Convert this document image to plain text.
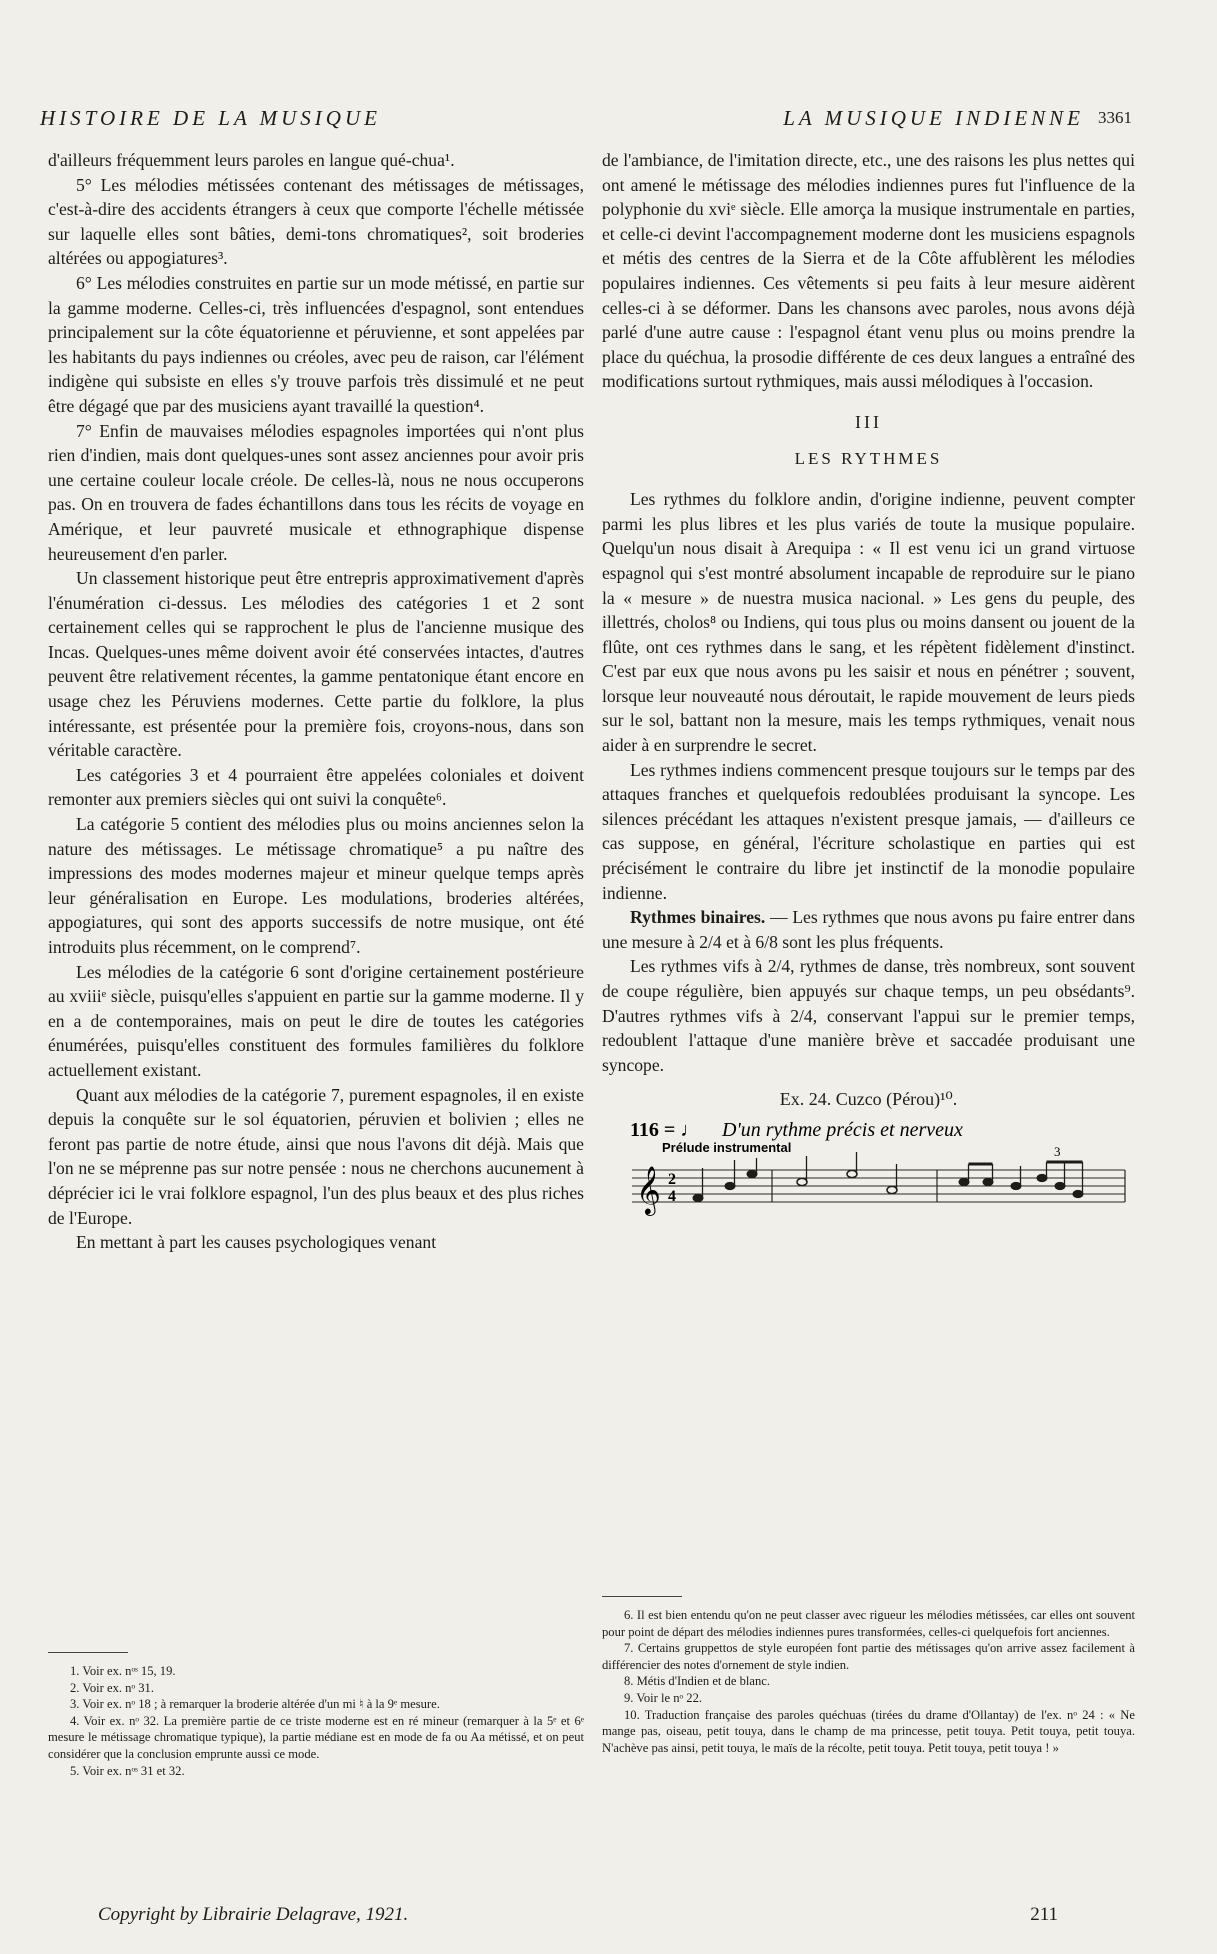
HISTOIRE DE LA MUSIQUE	LA MUSIQUE INDIENNE 3361

d'ailleurs fréquemment leurs paroles en langue qué-chua¹.

5° Les mélodies métissées contenant des métissages de métissages, c'est-à-dire des accidents étrangers à ceux que comporte l'échelle métissée sur laquelle elles sont bâties, demi-tons chromatiques², soit broderies altérées ou appogiatures³.

6° Les mélodies construites en partie sur un mode métissé, en partie sur la gamme moderne. Celles-ci, très influencées d'espagnol, sont entendues principalement sur la côte équatorienne et péruvienne, et sont appelées par les habitants du pays indiennes ou créoles, avec peu de raison, car l'élément indigène qui subsiste en elles s'y trouve parfois très dissimulé et ne peut être dégagé que par des musiciens ayant travaillé la question⁴.

7° Enfin de mauvaises mélodies espagnoles importées qui n'ont plus rien d'indien, mais dont quelques-unes sont assez anciennes pour avoir pris une certaine couleur locale créole. De celles-là, nous ne nous occuperons pas. On en trouvera de fades échantillons dans tous les récits de voyage en Amérique, et leur pauvreté musicale et ethnographique dispense heureusement d'en parler.

Un classement historique peut être entrepris approximativement d'après l'énumération ci-dessus. Les mélodies des catégories 1 et 2 sont certainement celles qui se rapprochent le plus de l'ancienne musique des Incas. Quelques-unes même doivent avoir été conservées intactes, d'autres peuvent être relativement récentes, la gamme pentatonique étant encore en usage chez les Péruviens modernes. Cette partie du folklore, la plus intéressante, est présentée pour la première fois, croyons-nous, dans son véritable caractère.

Les catégories 3 et 4 pourraient être appelées coloniales et doivent remonter aux premiers siècles qui ont suivi la conquête⁶.

La catégorie 5 contient des mélodies plus ou moins anciennes selon la nature des métissages. Le métissage chromatique⁵ a pu naître des impressions des modes modernes majeur et mineur quelque temps après leur généralisation en Europe. Les modulations, broderies altérées, appogiatures, qui sont des apports successifs de notre musique, ont été introduits plus récemment, on le comprend⁷.

Les mélodies de la catégorie 6 sont d'origine certainement postérieure au xviiiᵉ siècle, puisqu'elles s'appuient en partie sur la gamme moderne. Il y en a de contemporaines, mais on peut le dire de toutes les catégories énumérées, puisqu'elles constituent des formules familières du folklore actuellement existant.

Quant aux mélodies de la catégorie 7, purement espagnoles, il en existe depuis la conquête sur le sol équatorien, péruvien et bolivien ; elles ne feront pas partie de notre étude, ainsi que nous l'avons dit déjà. Mais que l'on ne se méprenne pas sur notre pensée : nous ne cherchons aucunement à déprécier ici le vrai folklore espagnol, l'un des plus beaux et des plus riches de l'Europe.

En mettant à part les causes psychologiques venant

1. Voir ex. nᵒˢ 15, 19.

2. Voir ex. nᵒ 31.

3. Voir ex. nᵒ 18 ; à remarquer la broderie altérée d'un mi ♮ à la 9ᵉ mesure.

4. Voir ex. nᵒ 32. La première partie de ce triste moderne est en ré mineur (remarquer à la 5ᵉ et 6ᵉ mesure le métissage chromatique typique), la partie médiane est en mode de fa ou Aa métissé, et on peut considérer que la conclusion emprunte aussi ce mode.

5. Voir ex. nᵒˢ 31 et 32.

de l'ambiance, de l'imitation directe, etc., une des raisons les plus nettes qui ont amené le métissage des mélodies indiennes pures fut l'influence de la polyphonie du xviᵉ siècle. Elle amorça la musique instrumentale en parties, et celle-ci devint l'accompagnement moderne dont les musiciens espagnols et métis des centres de la Sierra et de la Côte affublèrent les mélodies populaires indiennes. Ces vêtements si peu faits à leur mesure aidèrent celles-ci à se déformer. Dans les chansons avec paroles, nous avons déjà parlé d'une autre cause : l'espagnol étant venu plus ou moins prendre la place du quéchua, la prosodie différente de ces deux langues a entraîné des modifications surtout rythmiques, mais aussi mélodiques à l'occasion.

III
LES RYTHMES

Les rythmes du folklore andin, d'origine indienne, peuvent compter parmi les plus libres et les plus variés de toute la musique populaire. Quelqu'un nous disait à Arequipa : « Il est venu ici un grand virtuose espagnol qui s'est montré absolument incapable de reproduire sur le piano la « mesure » de nuestra musica nacional. » Les gens du peuple, des illettrés, cholos⁸ ou Indiens, qui tous plus ou moins dansent ou jouent de la flûte, ont ces rythmes dans le sang, et les répètent fidèlement d'instinct. C'est par eux que nous avons pu les saisir et nous en pénétrer ; souvent, lorsque leur nouveauté nous déroutait, le rapide mouvement de leurs pieds sur le sol, battant non la mesure, mais les temps rythmiques, venait nous aider à en surprendre le secret.

Les rythmes indiens commencent presque toujours sur le temps par des attaques franches et quelquefois redoublées produisant la syncope. Les silences précédant les attaques n'existent presque jamais, — d'ailleurs ce cas suppose, en général, l'écriture scholastique en parties qui est précisément le contraire du libre jet instinctif de la monodie populaire indienne.

Rythmes binaires. — Les rythmes que nous avons pu faire entrer dans une mesure à 2/4 et à 6/8 sont les plus fréquents.

Les rythmes vifs à 2/4, rythmes de danse, très nombreux, sont souvent de coupe régulière, bien appuyés sur chaque temps, un peu obsédants⁹. D'autres rythmes vifs à 2/4, conservant l'appui sur le premier temps, redoublent l'attaque d'une manière brève et saccadée produisant une syncope.

Ex. 24. Cuzco (Pérou)¹⁰.
116 = ♩ D'un rythme précis et nerveux
Prélude instrumental	3
𝄞 2
4

6. Il est bien entendu qu'on ne peut classer avec rigueur les mélodies métissées, car elles ont souvent pour point de départ des mélodies indiennes pures transformées, celles-ci quelquefois fort anciennes.

7. Certains gruppettos de style européen font partie des métissages qu'on arrive assez facilement à différencier des notes d'ornement de style indien.

8. Métis d'Indien et de blanc.

9. Voir le nᵒ 22.

10. Traduction française des paroles quéchuas (tirées du drame d'Ollantay) de l'ex. nᵒ 24 : « Ne mange pas, oiseau, petit touya, dans le champ de ma princesse, petit touya. Petit touya, petit touya. N'achève pas ainsi, petit touya, le maïs de la récolte, petit touya. Petit touya, petit touya ! »

Copyright by Librairie Delagrave, 1921.	211
